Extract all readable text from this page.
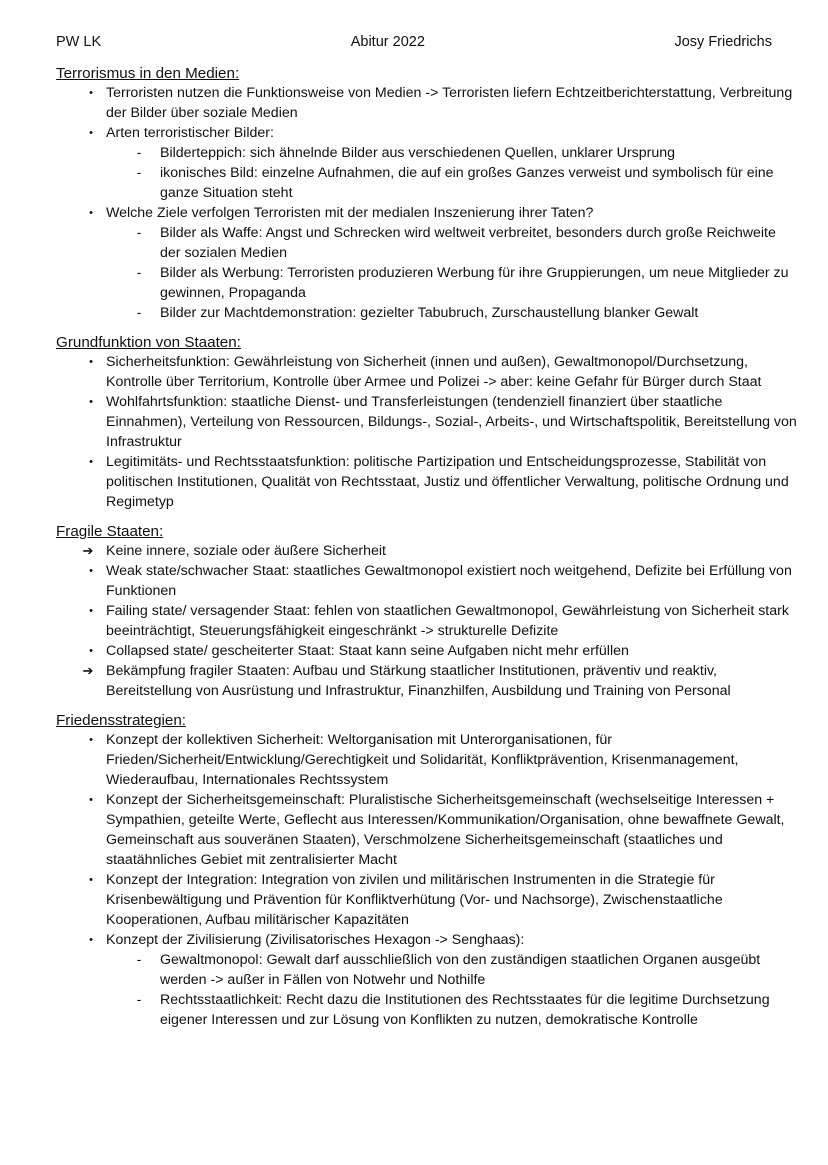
PW LK	Abitur 2022	Josy Friedrichs
Terrorismus in den Medien:
• Terroristen nutzen die Funktionsweise von Medien -> Terroristen liefern Echtzeitberichterstattung, Verbreitung der Bilder über soziale Medien
• Arten terroristischer Bilder:
-	Bilderteppich: sich ähnelnde Bilder aus verschiedenen Quellen, unklarer Ursprung
-	ikonisches Bild: einzelne Aufnahmen, die auf ein großes Ganzes verweist und symbolisch für eine ganze Situation steht
• Welche Ziele verfolgen Terroristen mit der medialen Inszenierung ihrer Taten?
-	Bilder als Waffe: Angst und Schrecken wird weltweit verbreitet, besonders durch große Reichweite der sozialen Medien
-	Bilder als Werbung: Terroristen produzieren Werbung für ihre Gruppierungen, um neue Mitglieder zu gewinnen, Propaganda
-	Bilder zur Machtdemonstration: gezielter Tabubruch, Zurschaustellung blanker Gewalt
Grundfunktion von Staaten:
• Sicherheitsfunktion: Gewährleistung von Sicherheit (innen und außen), Gewaltmonopol/Durchsetzung, Kontrolle über Territorium, Kontrolle über Armee und Polizei -> aber: keine Gefahr für Bürger durch Staat
• Wohlfahrtsfunktion: staatliche Dienst- und Transferleistungen (tendenziell finanziert über staatliche Einnahmen), Verteilung von Ressourcen, Bildungs-, Sozial-, Arbeits-, und Wirtschaftspolitik, Bereitstellung von Infrastruktur
• Legitimitäts- und Rechtsstaatsfunktion: politische Partizipation und Entscheidungsprozesse, Stabilität von politischen Institutionen, Qualität von Rechtsstaat, Justiz und öffentlicher Verwaltung, politische Ordnung und Regimetyp
Fragile Staaten:
➔ Keine innere, soziale oder äußere Sicherheit
• Weak state/schwacher Staat: staatliches Gewaltmonopol existiert noch weitgehend, Defizite bei Erfüllung von Funktionen
• Failing state/ versagender Staat: fehlen von staatlichen Gewaltmonopol, Gewährleistung von Sicherheit stark beeinträchtigt, Steuerungsfähigkeit eingeschränkt -> strukturelle Defizite
• Collapsed state/ gescheiterter Staat: Staat kann seine Aufgaben nicht mehr erfüllen
➔ Bekämpfung fragiler Staaten: Aufbau und Stärkung staatlicher Institutionen, präventiv und reaktiv, Bereitstellung von Ausrüstung und Infrastruktur, Finanzhilfen, Ausbildung und Training von Personal
Friedensstrategien:
• Konzept der kollektiven Sicherheit: Weltorganisation mit Unterorganisationen, für Frieden/Sicherheit/Entwicklung/Gerechtigkeit und Solidarität, Konfliktprävention, Krisenmanagement, Wiederaufbau, Internationales Rechtssystem
• Konzept der Sicherheitsgemeinschaft: Pluralistische Sicherheitsgemeinschaft (wechselseitige Interessen + Sympathien, geteilte Werte, Geflecht aus Interessen/Kommunikation/Organisation, ohne bewaffnete Gewalt, Gemeinschaft aus souveränen Staaten), Verschmolzene Sicherheitsgemeinschaft (staatliches und staatähnliches Gebiet mit zentralisierter Macht
• Konzept der Integration: Integration von zivilen und militärischen Instrumenten in die Strategie für Krisenbewältigung und Prävention für Konfliktverhütung (Vor- und Nachsorge), Zwischenstaatliche Kooperationen, Aufbau militärischer Kapazitäten
• Konzept der Zivilisierung (Zivilisatorisches Hexagon -> Senghaas):
-	Gewaltmonopol: Gewalt darf ausschließlich von den zuständigen staatlichen Organen ausgeübt werden -> außer in Fällen von Notwehr und Nothilfe
-	Rechtsstaatlichkeit: Recht dazu die Institutionen des Rechtsstaates für die legitime Durchsetzung eigener Interessen und zur Lösung von Konflikten zu nutzen, demokratische Kontrolle
